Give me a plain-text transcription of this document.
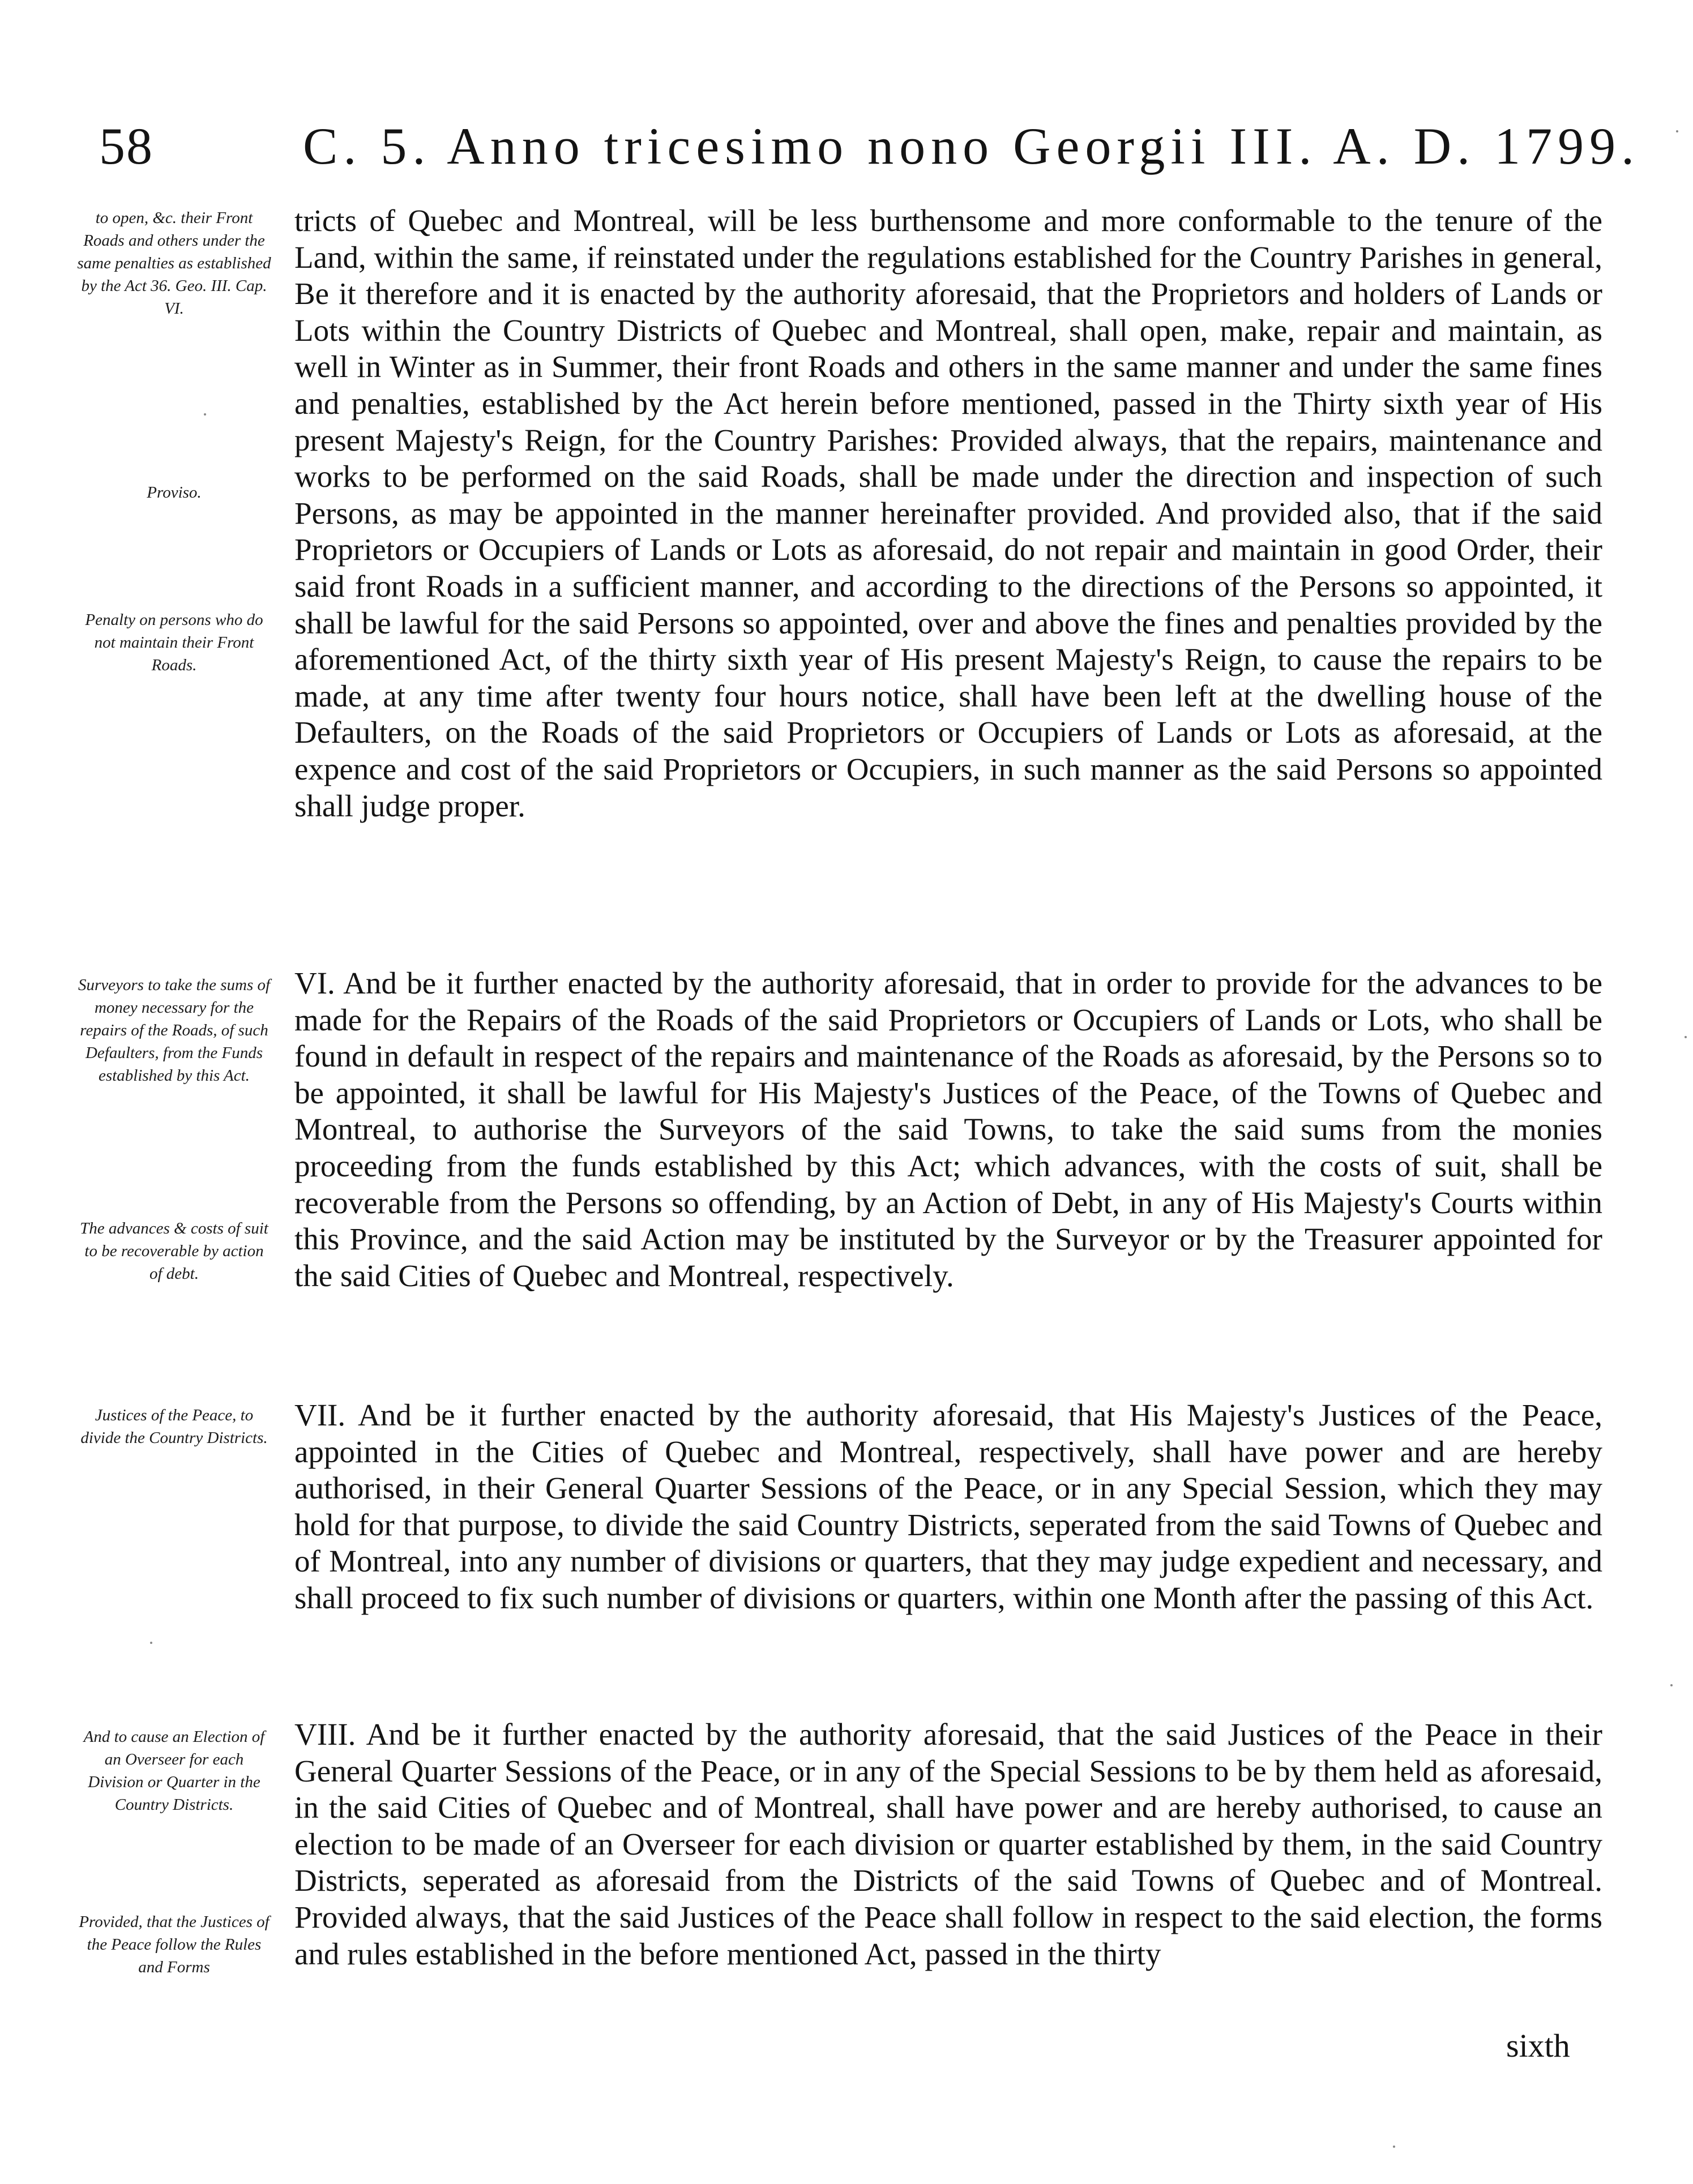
58	C. 5. Anno tricesimo nono Georgii III. A. D. 1799.
to open, &c. their Front Roads and others under the same penalties as established by the Act 36. Geo. III. Cap. VI.
Proviso.
Penalty on persons who do not maintain their Front Roads.
Surveyors to take the sums of money necessary for the repairs of the Roads, of such Defaulters, from the Funds established by this Act.
The advances & costs of suit to be recoverable by action of debt.
Justices of the Peace, to divide the Country Districts.
And to cause an Election of an Overseer for each Division or Quarter in the Country Districts.
Provided, that the Justices of the Peace follow the Rules and Forms

tricts of Quebec and Montreal, will be less burthensome and more conformable to the tenure of the Land, within the same, if reinstated under the regulations established for the Country Parishes in general, Be it therefore and it is enacted by the authority aforesaid, that the Proprietors and holders of Lands or Lots within the Country Districts of Quebec and Montreal, shall open, make, repair and maintain, as well in Winter as in Summer, their front Roads and others in the same manner and under the same fines and penalties, established by the Act herein before mentioned, passed in the Thirty sixth year of His present Majesty's Reign, for the Country Parishes: Provided always, that the repairs, maintenance and works to be performed on the said Roads, shall be made under the direction and inspection of such Persons, as may be appointed in the manner hereinafter provided. And provided also, that if the said Proprietors or Occupiers of Lands or Lots as aforesaid, do not repair and maintain in good Order, their said front Roads in a sufficient manner, and according to the directions of the Persons so appointed, it shall be lawful for the said Persons so appointed, over and above the fines and penalties provided by the aforementioned Act, of the thirty sixth year of His present Majesty's Reign, to cause the repairs to be made, at any time after twenty four hours notice, shall have been left at the dwelling house of the Defaulters, on the Roads of the said Proprietors or Occupiers of Lands or Lots as aforesaid, at the expence and cost of the said Proprietors or Occupiers, in such manner as the said Persons so appointed shall judge proper.

VI. And be it further enacted by the authority aforesaid, that in order to provide for the advances to be made for the Repairs of the Roads of the said Proprietors or Occupiers of Lands or Lots, who shall be found in default in respect of the repairs and maintenance of the Roads as aforesaid, by the Persons so to be appointed, it shall be lawful for His Majesty's Justices of the Peace, of the Towns of Quebec and Montreal, to authorise the Surveyors of the said Towns, to take the said sums from the monies proceeding from the funds established by this Act; which advances, with the costs of suit, shall be recoverable from the Persons so offending, by an Action of Debt, in any of His Majesty's Courts within this Province, and the said Action may be instituted by the Surveyor or by the Treasurer appointed for the said Cities of Quebec and Montreal, respectively.

VII. And be it further enacted by the authority aforesaid, that His Majesty's Justices of the Peace, appointed in the Cities of Quebec and Montreal, respectively, shall have power and are hereby authorised, in their General Quarter Sessions of the Peace, or in any Special Session, which they may hold for that purpose, to divide the said Country Districts, seperated from the said Towns of Quebec and of Montreal, into any number of divisions or quarters, that they may judge expedient and necessary, and shall proceed to fix such number of divisions or quarters, within one Month after the passing of this Act.

VIII. And be it further enacted by the authority aforesaid, that the said Justices of the Peace in their General Quarter Sessions of the Peace, or in any of the Special Sessions to be by them held as aforesaid, in the said Cities of Quebec and of Montreal, shall have power and are hereby authorised, to cause an election to be made of an Overseer for each division or quarter established by them, in the said Country Districts, seperated as aforesaid from the Districts of the said Towns of Quebec and of Montreal. Provided always, that the said Justices of the Peace shall follow in respect to the said election, the forms and rules established in the before mentioned Act, passed in the thirty

sixth
